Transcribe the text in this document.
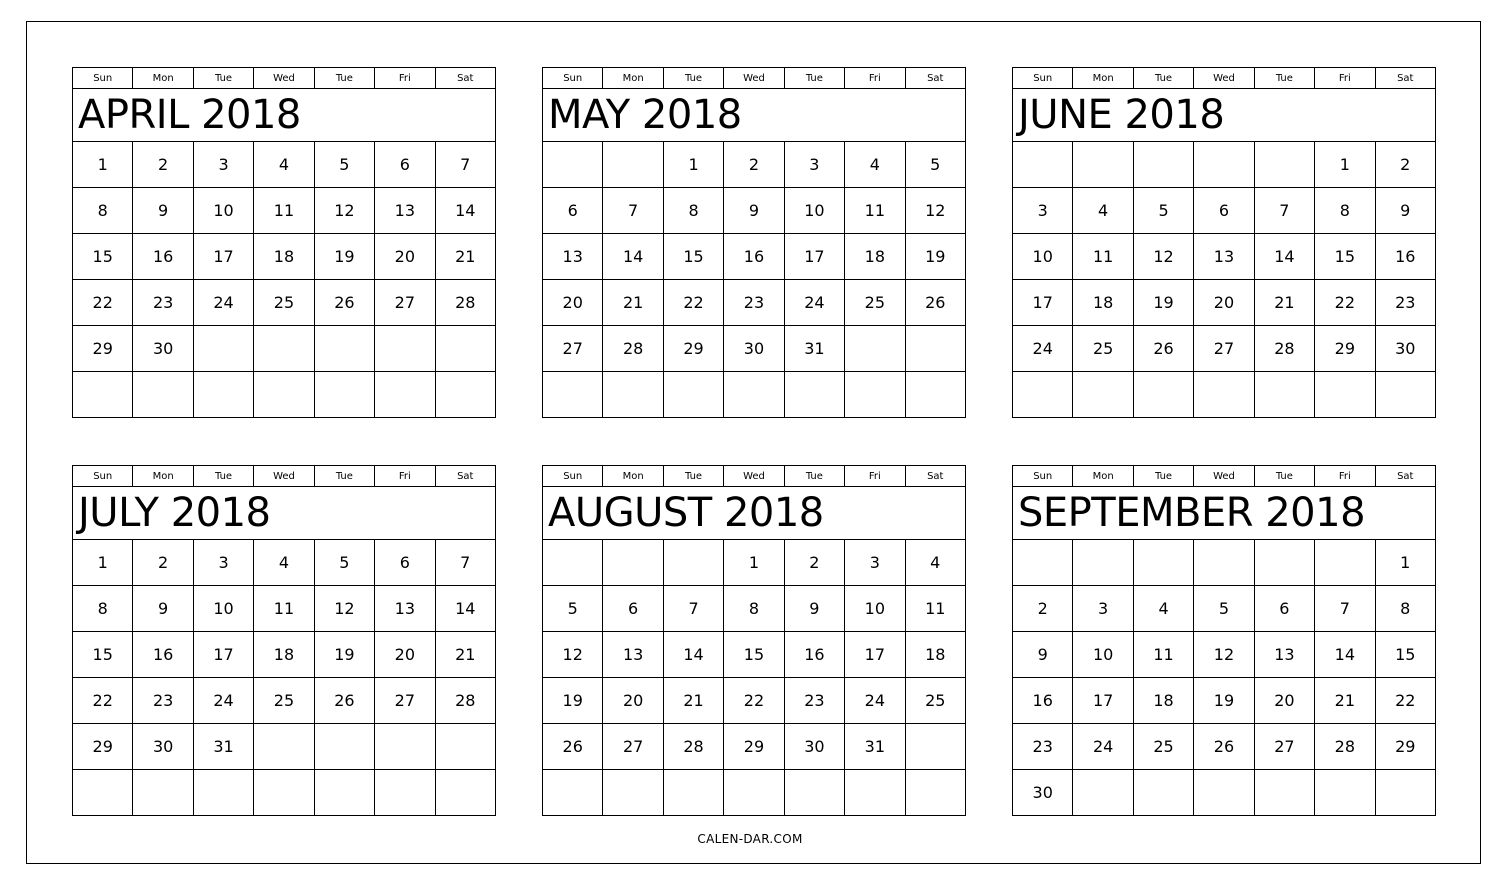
Sun	Mon	Tue	Wed	Tue	Fri	Sat
APRIL 2018						
1	2	3	4	5	6	7
8	9	10	11	12	13	14
15	16	17	18	19	20	21
22	23	24	25	26	27	28
29	30					

Sun	Mon	Tue	Wed	Tue	Fri	Sat
MAY 2018						
		1	2	3	4	5
6	7	8	9	10	11	12
13	14	15	16	17	18	19
20	21	22	23	24	25	26
27	28	29	30	31		

Sun	Mon	Tue	Wed	Tue	Fri	Sat
JUNE 2018						
					1	2
3	4	5	6	7	8	9
10	11	12	13	14	15	16
17	18	19	20	21	22	23
24	25	26	27	28	29	30

Sun	Mon	Tue	Wed	Tue	Fri	Sat
JULY 2018						
1	2	3	4	5	6	7
8	9	10	11	12	13	14
15	16	17	18	19	20	21
22	23	24	25	26	27	28
29	30	31				

Sun	Mon	Tue	Wed	Tue	Fri	Sat
AUGUST 2018						
			1	2	3	4
5	6	7	8	9	10	11
12	13	14	15	16	17	18
19	20	21	22	23	24	25
26	27	28	29	30	31	

Sun	Mon	Tue	Wed	Tue	Fri	Sat
SEPTEMBER 2018						
						1
2	3	4	5	6	7	8
9	10	11	12	13	14	15
16	17	18	19	20	21	22
23	24	25	26	27	28	29
30						
CALEN-DAR.COM
